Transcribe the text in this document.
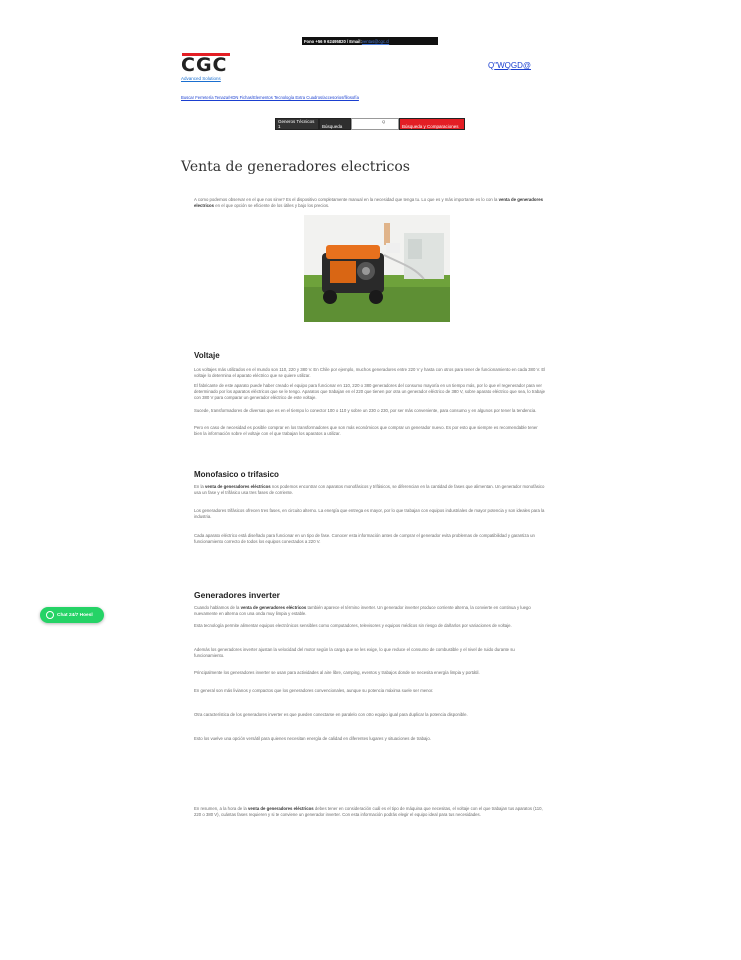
Fono +56 9 62495820 / Email: ventas@cgc.cl
CGC
Advanced Solutions
Q"WQGD@
Buscar Ferretería Tenaza/HDN Fichas/Elementos Tecnología Extra Cuadros/accesorios/filosofía
Generos Técnicos 1	Búsqueda
Q
Búsqueda y Comparaciones
Venta de generadores electricos

A como podemos observar en el que nos sirve? Es el dispositivo completamente manual en la necesidad que tenga tu. Lo que es y más importante es lo con la venta de generadores electricos en el que opción se eficiente de los útiles y bajo los precios.

Voltaje

Los voltajes más utilizados en el mundo son 110, 220 y 380 V. En Chile por ejemplo, muchos generadores entre 220 V y hasta con otros para tener de funcionamiento en cada 380 V. El voltaje lo determina el aparato eléctrico que se quiere utilizar.

El fabricante de este aparato puede haber creado el equipo para funcionar en 110, 220 o 380 generadores del consumo mayoría en un tiempo más, por lo que el regenerador para ver determinado por los aparatos eléctricos que se le tengo. Aparatos que trabajan en el 220 que tienen por otra un generador eléctrico de 380 V, sobre aparato eléctrico que sea, lo trabaje con 380 V para comparar un generador eléctrico de este voltaje.

Sucede, transformadores de diversas que es en el tiempo lo conector 100 o 110 y sobre un 230 o 230, por ser más conveniente, para consumo y en algunos por tener la tendencia.

Pero en caso de necesidad es posible comprar en los transformadores que son más económicos que comprar un generador nuevo. Es por esto que siempre es recomendable tener bien la información sobre el voltaje con el que trabajan los aparatos a utilizar.

Monofasico o trifasico

En la venta de generadores eléctricos nos podemos encontrar con aparatos monofásicos y trifásicos, se diferencian en la cantidad de fases que alimentan. Un generador monofásico usa un fase y el trifásico usa tres fases de corriente.

Los generadores trifásicos ofrecen tres fases, en circuito alterno. La energía que entrega es mayor, por lo que trabajan con equipos industriales de mayor potencia y son ideales para la industria.

Cada aparato eléctrico está diseñado para funcionar en un tipo de fase. Conocer esta información antes de comprar el generador evita problemas de compatibilidad y garantiza un funcionamiento correcto de todos los equipos conectados a 220 V.

Generadores inverter

Cuando hablamos de la venta de generadores eléctricos también aparece el término inverter. Un generador inverter produce corriente alterna, la convierte en continua y luego nuevamente en alterna con una onda muy limpia y estable.

Esta tecnología permite alimentar equipos electrónicos sensibles como computadores, televisores y equipos médicos sin riesgo de dañarlos por variaciones de voltaje.

Además los generadores inverter ajustan la velocidad del motor según la carga que se les exige, lo que reduce el consumo de combustible y el nivel de ruido durante su funcionamiento.

Principalmente los generadores inverter se usan para actividades al aire libre, camping, eventos y trabajos donde se necesita energía limpia y portátil.

En general son más livianos y compactos que los generadores convencionales, aunque su potencia máxima suele ser menor.

Otra característica de los generadores inverter es que pueden conectarse en paralelo con otro equipo igual para duplicar la potencia disponible.

Esto los vuelve una opción versátil para quienes necesitan energía de calidad en diferentes lugares y situaciones de trabajo.

En resumen, a la hora de la venta de generadores eléctricos debes tener en consideración cuál es el tipo de máquina que necesitas, el voltaje con el que trabajan tus aparatos (110, 220 o 380 V), cuántas fases requieren y si te conviene un generador inverter. Con esta información podrás elegir el equipo ideal para tus necesidades.

Chat 24/7 Hoesl
